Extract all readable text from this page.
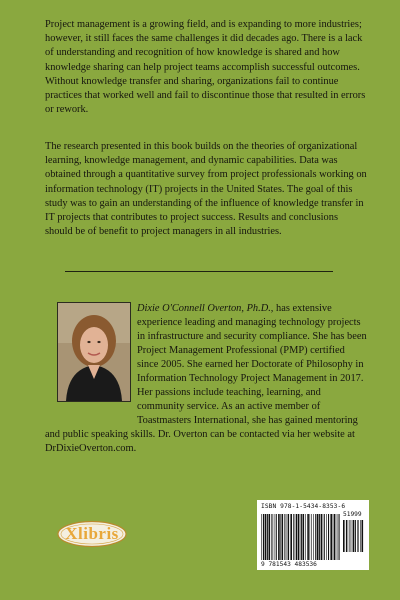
Project management is a growing field, and is expanding to more industries; however, it still faces the same challenges it did decades ago. There is a lack of understanding and recognition of how knowledge is shared and how knowledge sharing can help project teams accomplish successful outcomes. Without knowledge transfer and sharing, organizations fail to continue practices that worked well and fail to discontinue those that resulted in errors or rework.

The research presented in this book builds on the theories of organizational learning, knowledge management, and dynamic capabilities. Data was obtained through a quantitative survey from project professionals working on information technology (IT) projects in the United States. The goal of this study was to gain an understanding of the influence of knowledge transfer in IT projects that contributes to project success. Results and conclusions should be of benefit to project managers in all industries.

Dixie O'Connell Overton, Ph.D., has extensive experience leading and managing technology projects in infrastructure and security compliance. She has been Project Management Professional (PMP) certified since 2005. She earned her Doctorate of Philosophy in Information Technology Project Management in 2017. Her passions include teaching, learning, and community service. As an active member of Toastmasters International, she has gained mentoring and public speaking skills. Dr. Overton can be contacted via her website at DrDixieOverton.com.

Xlibris
ISBN 978-1-5434-8353-6
51999
9 781543 483536
